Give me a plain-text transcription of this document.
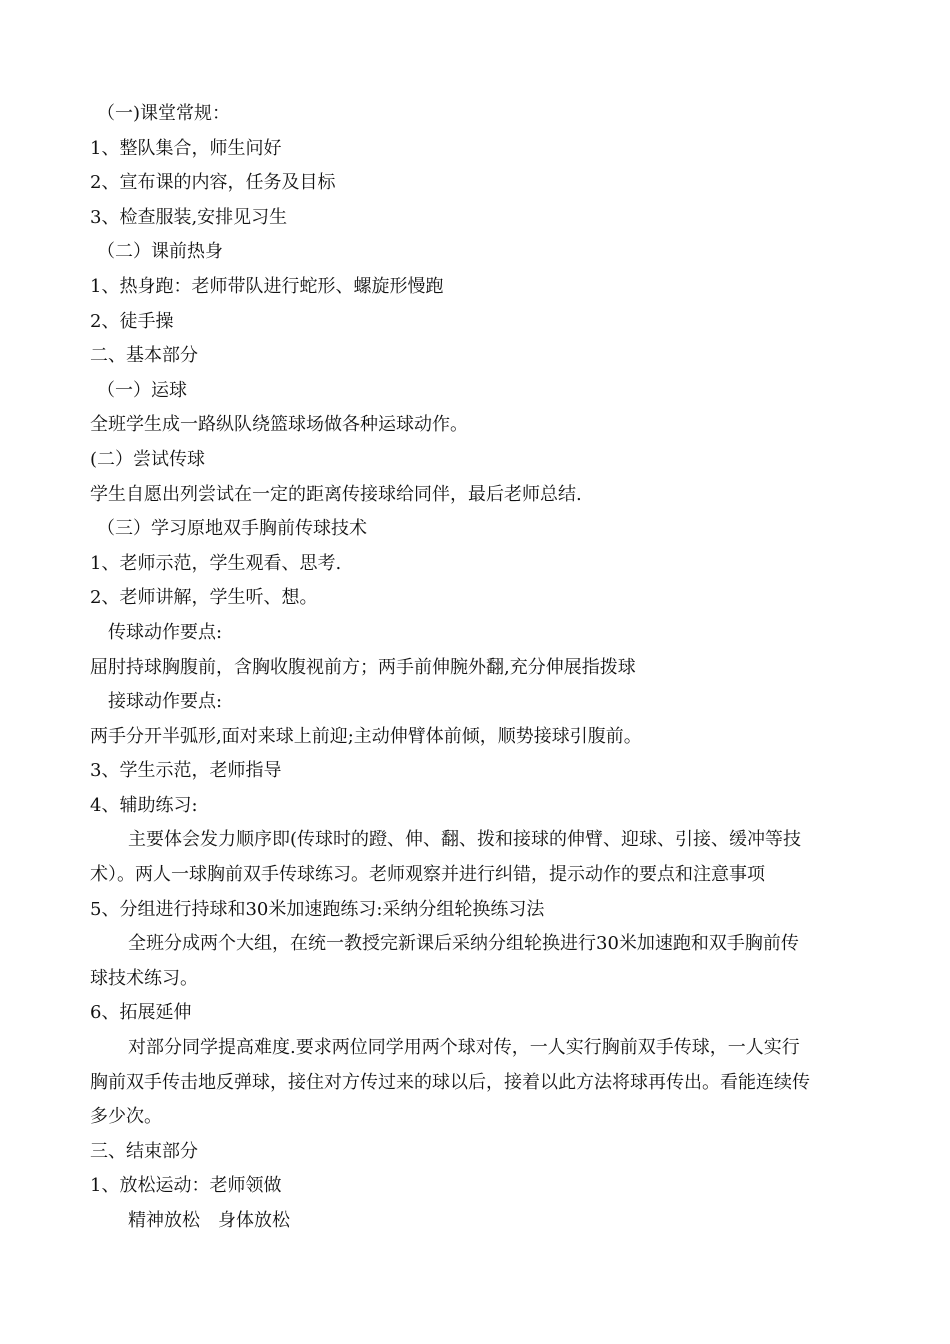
（一)课堂常规：
1、整队集合，师生问好
2、宣布课的内容，任务及目标
3、检查服装,安排见习生
（二）课前热身
1、热身跑：老师带队进行蛇形、螺旋形慢跑
2、徒手操
二、基本部分
（一）运球
全班学生成一路纵队绕篮球场做各种运球动作。
(二）尝试传球
学生自愿出列尝试在一定的距离传接球给同伴，最后老师总结.
（三）学习原地双手胸前传球技术
1、老师示范，学生观看、思考.
2、老师讲解，学生听、想。
传球动作要点:
屈肘持球胸腹前，含胸收腹视前方；两手前伸腕外翻,充分伸展指拨球
接球动作要点:
两手分开半弧形,面对来球上前迎;主动伸臂体前倾，顺势接球引腹前。
3、学生示范，老师指导
4、辅助练习:
主要体会发力顺序即(传球时的蹬、伸、翻、拨和接球的伸臂、迎球、引接、缓冲等技
术）。两人一球胸前双手传球练习。老师观察并进行纠错，提示动作的要点和注意事项
5、分组进行持球和30米加速跑练习:采纳分组轮换练习法
全班分成两个大组，在统一教授完新课后采纳分组轮换进行30米加速跑和双手胸前传
球技术练习。
6、拓展延伸
对部分同学提高难度.要求两位同学用两个球对传，一人实行胸前双手传球，一人实行
胸前双手传击地反弹球，接住对方传过来的球以后，接着以此方法将球再传出。看能连续传
多少次。
三、结束部分
1、放松运动：老师领做
精神放松　身体放松
